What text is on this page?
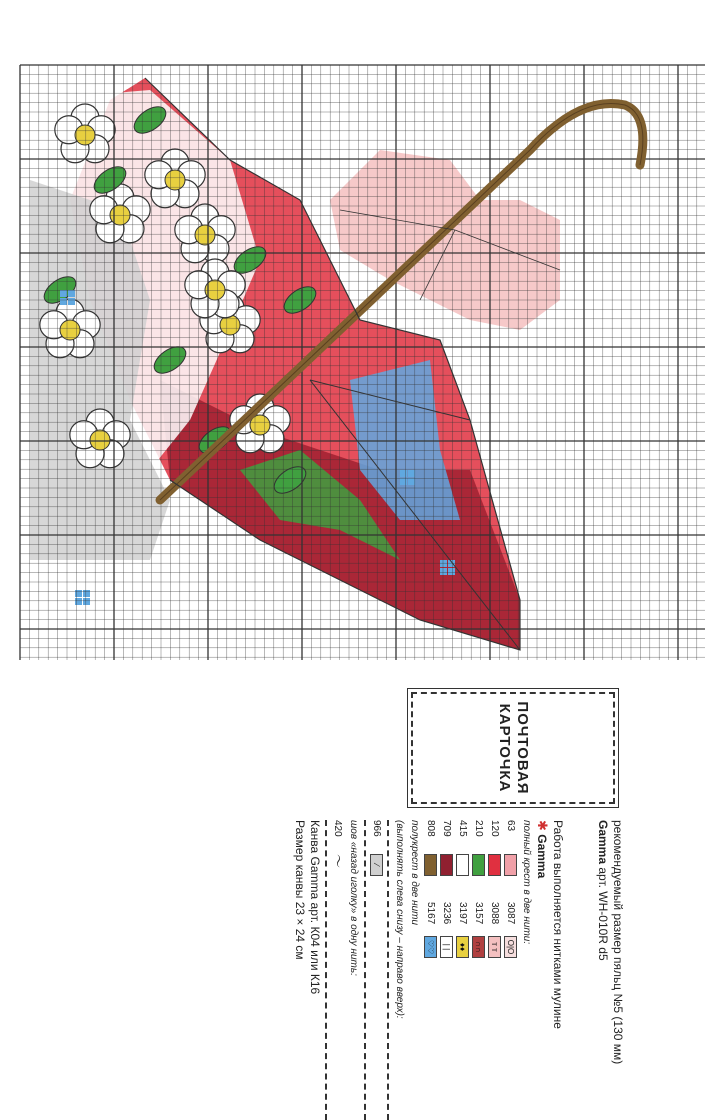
ПОЧТОВАЯ КАРТОЧКА
рекомендуемый размер пяльц №5 (130 мм)
Gamma арт. WH-010R d5
Работа выполняется нитками мулине
✱ Gamma
полный крест в две нити:
63
3087
О|О
120
3088
т т
210
3157
∩∩
415
3197
♦♦
709
3236
| |
808
5167
♡♡
полукрест в две нити
(выполнять слева снизу – направо вверх):
966
⁄
шов «назад иголку» в одну нить:
420
〜
Канва Gamma арт. К04 или К16
Размер канвы 23 × 24 см
